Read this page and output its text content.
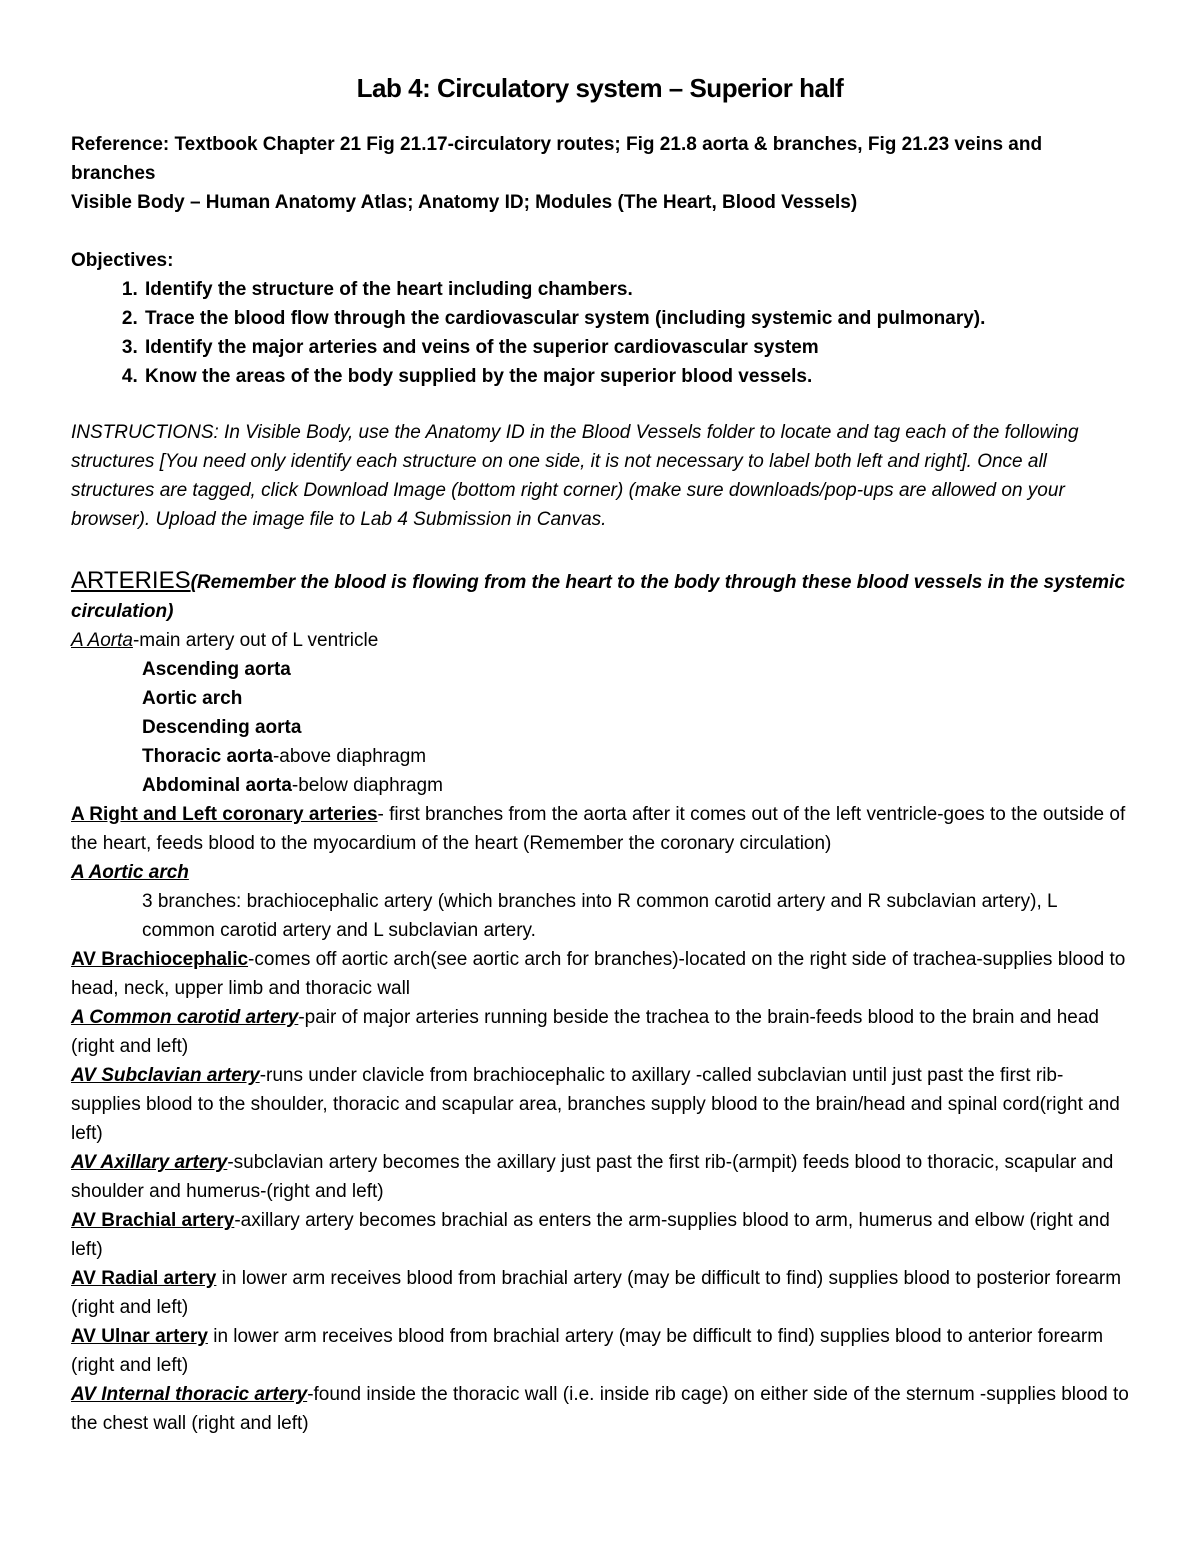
Lab 4: Circulatory system – Superior half

Reference: Textbook Chapter 21 Fig 21.17-circulatory routes; Fig 21.8 aorta & branches, Fig 21.23 veins and branches

Visible Body – Human Anatomy Atlas; Anatomy ID; Modules (The Heart, Blood Vessels)

Objectives:

1. Identify the structure of the heart including chambers.
2. Trace the blood flow through the cardiovascular system (including systemic and pulmonary).
3. Identify the major arteries and veins of the superior cardiovascular system
4. Know the areas of the body supplied by the major superior blood vessels.
INSTRUCTIONS: In Visible Body, use the Anatomy ID in the Blood Vessels folder to locate and tag each of the following structures [You need only identify each structure on one side, it is not necessary to label both left and right]. Once all structures are tagged, click Download Image (bottom right corner) (make sure downloads/pop-ups are allowed on your browser). Upload the image file to Lab 4 Submission in Canvas.

ARTERIES(Remember the blood is flowing from the heart to the body through these blood vessels in the systemic circulation)

A Aorta-main artery out of L ventricle

Ascending aorta

Aortic arch

Descending aorta

Thoracic aorta-above diaphragm

Abdominal aorta-below diaphragm

A Right and Left coronary arteries- first branches from the aorta after it comes out of the left ventricle-goes to the outside of the heart, feeds blood to the myocardium of the heart (Remember the coronary circulation)

A Aortic arch

3 branches: brachiocephalic artery (which branches into R common carotid artery and R subclavian artery), L common carotid artery and L subclavian artery.

AV Brachiocephalic-comes off aortic arch(see aortic arch for branches)-located on the right side of trachea-supplies blood to head, neck, upper limb and thoracic wall

A Common carotid artery-pair of major arteries running beside the trachea to the brain-feeds blood to the brain and head (right and left)

AV Subclavian artery-runs under clavicle from brachiocephalic to axillary -called subclavian until just past the first rib-supplies blood to the shoulder, thoracic and scapular area, branches supply blood to the brain/head and spinal cord(right and left)

AV Axillary artery-subclavian artery becomes the axillary just past the first rib-(armpit) feeds blood to thoracic, scapular and shoulder and humerus-(right and left)

AV Brachial artery-axillary artery becomes brachial as enters the arm-supplies blood to arm, humerus and elbow (right and left)

AV Radial artery in lower arm receives blood from brachial artery (may be difficult to find) supplies blood to posterior forearm (right and left)

AV Ulnar artery in lower arm receives blood from brachial artery (may be difficult to find) supplies blood to anterior forearm (right and left)

AV Internal thoracic artery-found inside the thoracic wall (i.e. inside rib cage) on either side of the sternum -supplies blood to the chest wall (right and left)
